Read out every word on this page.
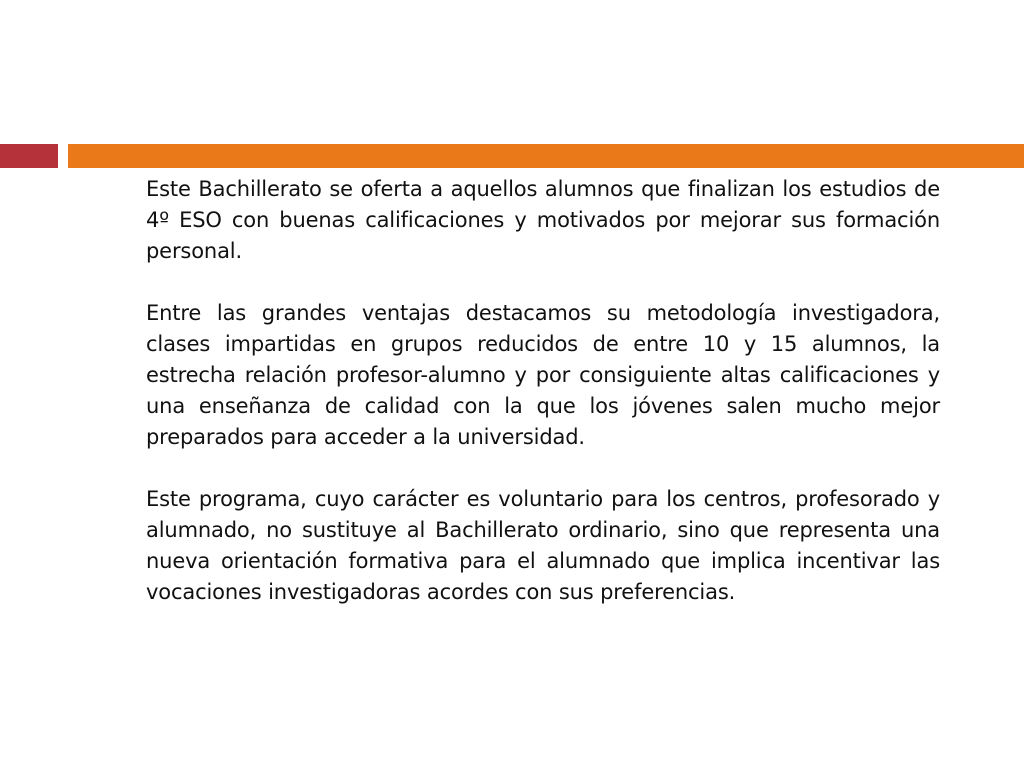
Este Bachillerato se oferta a aquellos alumnos que finalizan los estudios de 4º ESO con buenas calificaciones y motivados por mejorar sus formación personal.

Entre las grandes ventajas destacamos su metodología investigadora, clases impartidas en grupos reducidos de entre 10 y 15 alumnos, la estrecha relación profesor-alumno y por consiguiente altas calificaciones y una enseñanza de calidad con la que los jóvenes salen mucho mejor preparados para acceder a la universidad.

Este programa, cuyo carácter es voluntario para los centros, profesorado y alumnado, no sustituye al Bachillerato ordinario, sino que representa una nueva orientación formativa para el alumnado que implica incentivar las vocaciones investigadoras acordes con sus preferencias.
